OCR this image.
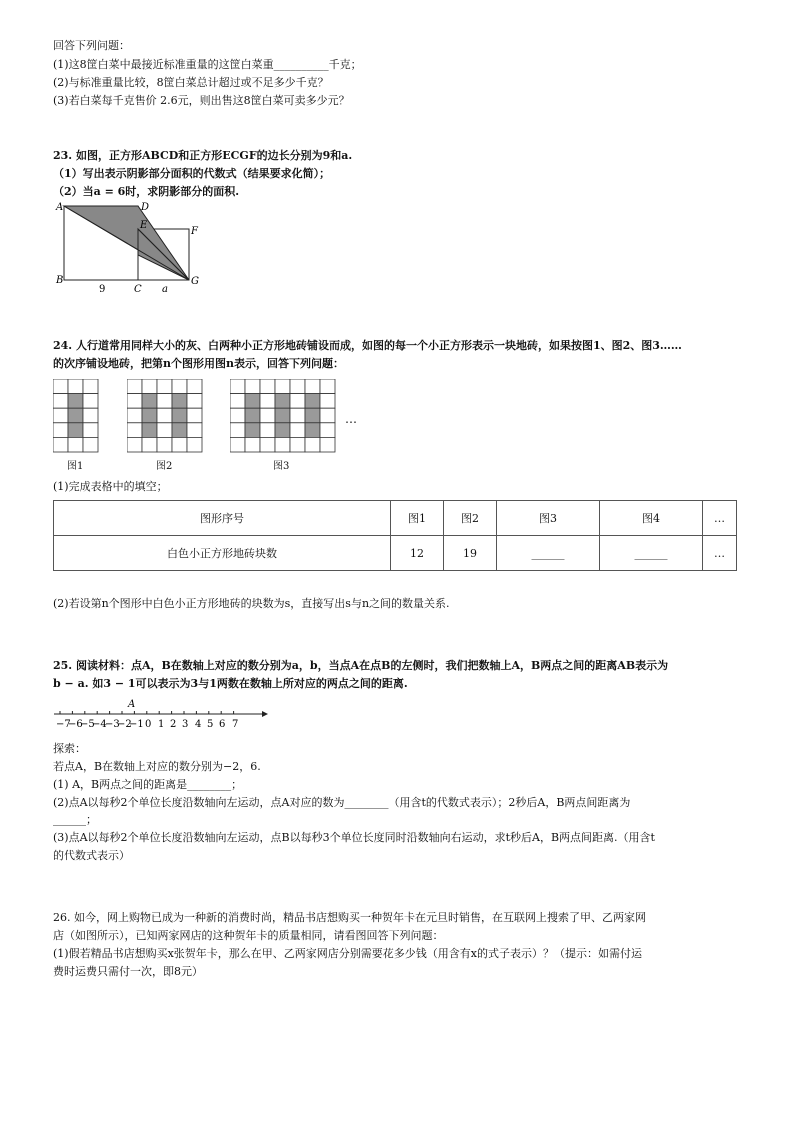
回答下列问题：
(1)这8筐白菜中最接近标准重量的这筐白菜重__________千克；
(2)与标准重量比较，8筐白菜总计超过或不足多少千克？
(3)若白菜每千克售价 2.6元，则出售这8筐白菜可卖多少元？
23. 如图，正方形ABCD和正方形ECGF的边长分别为9和a.
（1）写出表示阴影部分面积的代数式（结果要求化简）；
（2）当a = 6时，求阴影部分的面积.
A	D
E
F
B
C
G
9	a
24. 人行道常用同样大小的灰、白两种小正方形地砖铺设而成，如图的每一个小正方形表示一块地砖，如果按图1、图2、图3……
的次序铺设地砖，把第n个图形用图n表示，回答下列问题：
图1	图2	图3
…
(1)完成表格中的填空；
图形序号	图1	图2	图3	图4	…
白色小正方形地砖块数	12	19	______	______	…
(2)若设第n个图形中白色小正方形地砖的块数为s，直接写出s与n之间的数量关系.
25. 阅读材料：点A，B在数轴上对应的数分别为a，b，当点A在点B的左侧时，我们把数轴上A，B两点之间的距离AB表示为
b − a. 如3 − 1可以表示为3与1两数在数轴上所对应的两点之间的距离.
A
−7
−6
−5
−4
−3
−2
−1 0 1 2 3 4 5 6 7
探索：
若点A，B在数轴上对应的数分别为−2，6.
(1) A，B两点之间的距离是________；
(2)点A以每秒2个单位长度沿数轴向左运动，点A对应的数为________（用含t的代数式表示）；2秒后A，B两点间距离为
______；
(3)点A以每秒2个单位长度沿数轴向左运动，点B以每秒3个单位长度同时沿数轴向右运动，求t秒后A，B两点间距离.（用含t
的代数式表示）
26. 如今，网上购物已成为一种新的消费时尚，精品书店想购买一种贺年卡在元旦时销售，在互联网上搜索了甲、乙两家网
店（如图所示），已知两家网店的这种贺年卡的质量相同，请看图回答下列问题：
(1)假若精品书店想购买x张贺年卡，那么在甲、乙两家网店分别需要花多少钱（用含有x的式子表示）？（提示：如需付运
费时运费只需付一次，即8元）
